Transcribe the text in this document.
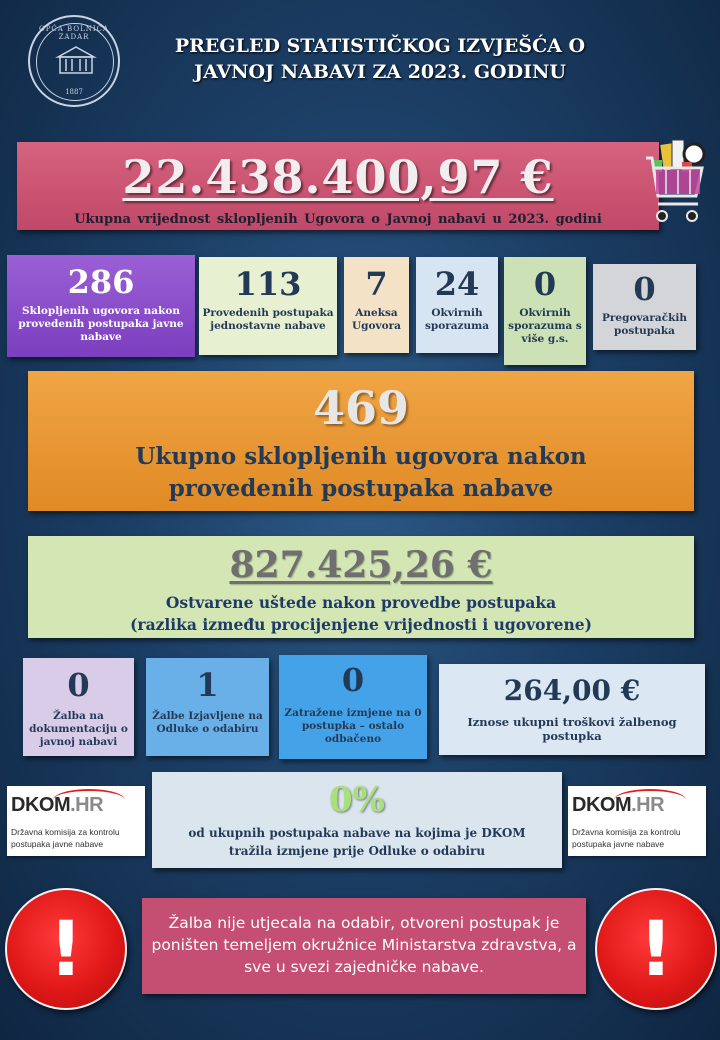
OPĆA BOLNICA ZADAR
1887
PREGLED STATISTIČKOG IZVJEŠĆA O
JAVNOJ NABAVI ZA 2023. GODINU
22.438.400,97 €
Ukupna vrijednost sklopljenih Ugovora o Javnoj nabavi u 2023. godini
286
Sklopljenih ugovora nakon provedenih postupaka javne nabave
113
Provedenih postupaka jednostavne nabave
7
Aneksa Ugovora
24
Okvirnih sporazuma
0
Okvirnih sporazuma s više g.s.
0
Pregovaračkih postupaka
469
Ukupno sklopljenih ugovora nakon
provedenih postupaka nabave
827.425,26 €
Ostvarene uštede nakon provedbe postupaka
(razlika između procijenjene vrijednosti i ugovorene)
0
Žalba na dokumentaciju o javnoj nabavi
1
Žalbe Izjavljene na Odluke o odabiru
0
Zatražene izmjene na 0 postupka – ostalo odbačeno
264,00 €
Iznose ukupni troškovi žalbenog postupka
DKOM.HR
Državna komisija za kontrolu postupaka javne nabave
0%
od ukupnih postupaka nabave na kojima je DKOM
tražila izmjene prije Odluke o odabiru
DKOM.HR
Državna komisija za kontrolu postupaka javne nabave
!	Žalba nije utjecala na odabir, otvoreni postupak je poništen temeljem okružnice Ministarstva zdravstva, a sve u svezi zajedničke nabave.	!
